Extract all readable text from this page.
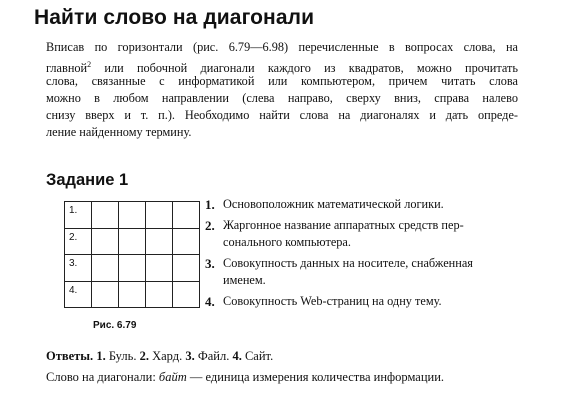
Найти слово на диагонали
Вписав по горизонтали (рис. 6.79—6.98) перечисленные в вопросах слова, на
главной$^2$ или побочной диагонали каждого из квадратов, можно прочитать
слова, связанные с информатикой или компьютером, причем читать слова
можно в любом направлении (слева направо, сверху вниз, справа налево
снизу вверх и т. п.). Необходимо найти слова на диагоналях и дать опреде-
ление найденному термину.
Задание 1
1.
2.
3.
4.
Рис. 6.79
1. Основоположник математической логики.
2. Жаргонное название аппаратных средств пер-
сонального компьютера.
3. Совокупность данных на носителе, снабженная
именем.
4. Совокупность Web-страниц на одну тему.

Ответы. 1. Буль. 2. Хард. 3. Файл. 4. Сайт.

Слово на диагонали: байт — единица измерения количества информации.
